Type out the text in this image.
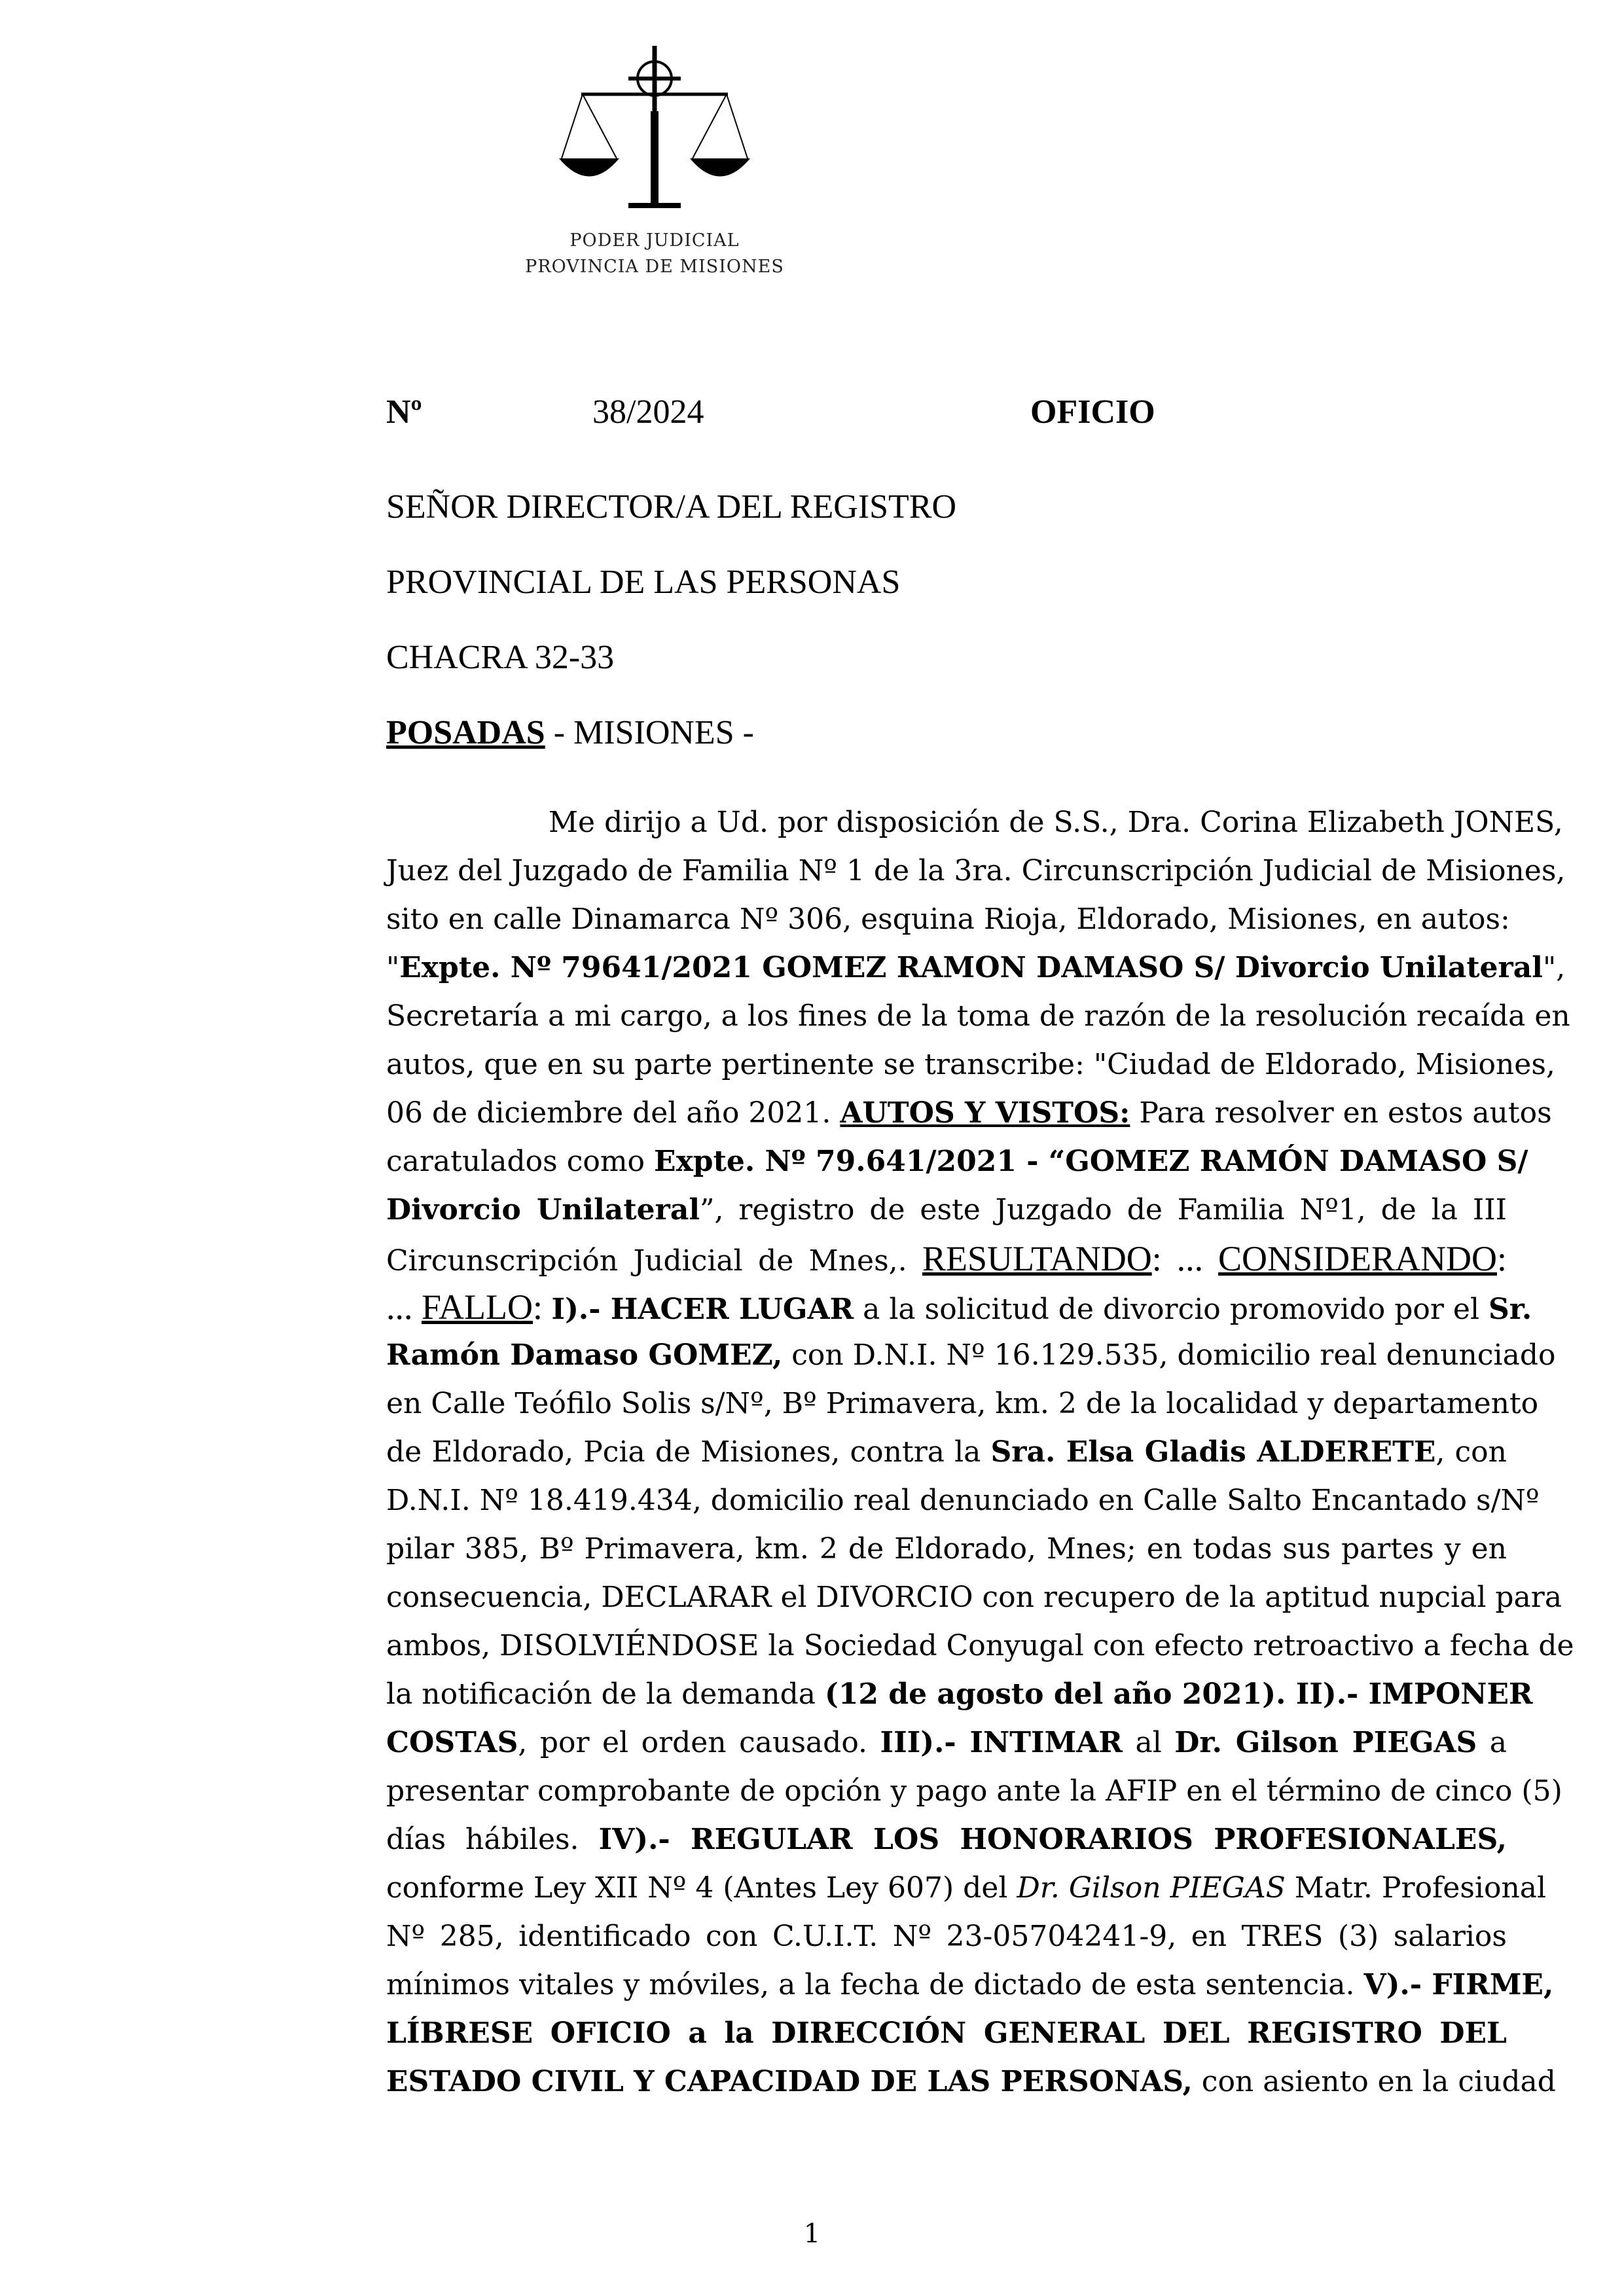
PODER JUDICIAL
PROVINCIA DE MISIONES
Nº	38/2024	OFICIO
SEÑOR DIRECTOR/A DEL REGISTRO
PROVINCIAL DE LAS PERSONAS
CHACRA 32-33
POSADAS - MISIONES -
Me dirijo a Ud. por disposición de S.S., Dra. Corina Elizabeth JONES,
Juez del Juzgado de Familia Nº 1 de la 3ra. Circunscripción Judicial de Misiones,
sito en calle Dinamarca Nº 306, esquina Rioja, Eldorado, Misiones, en autos:
"Expte. Nº 79641/2021 GOMEZ RAMON DAMASO S/ Divorcio Unilateral",
Secretaría a mi cargo, a los fines de la toma de razón de la resolución recaída en
autos, que en su parte pertinente se transcribe: "Ciudad de Eldorado, Misiones,
06 de diciembre del año 2021. AUTOS Y VISTOS: Para resolver en estos autos
caratulados como Expte. Nº 79.641/2021 - “GOMEZ RAMÓN DAMASO S/
Divorcio Unilateral”, registro de este Juzgado de Familia Nº1, de la III
Circunscripción Judicial de Mnes,. RESULTANDO: ... CONSIDERANDO:
... FALLO: I).- HACER LUGAR a la solicitud de divorcio promovido por el Sr.
Ramón Damaso GOMEZ, con D.N.I. Nº 16.129.535, domicilio real denunciado
en Calle Teófilo Solis s/Nº, Bº Primavera, km. 2 de la localidad y departamento
de Eldorado, Pcia de Misiones, contra la Sra. Elsa Gladis ALDERETE, con
D.N.I. Nº 18.419.434, domicilio real denunciado en Calle Salto Encantado s/Nº
pilar 385, Bº Primavera, km. 2 de Eldorado, Mnes; en todas sus partes y en
consecuencia, DECLARAR el DIVORCIO con recupero de la aptitud nupcial para
ambos, DISOLVIÉNDOSE la Sociedad Conyugal con efecto retroactivo a fecha de
la notificación de la demanda (12 de agosto del año 2021). II).- IMPONER
COSTAS, por el orden causado. III).- INTIMAR al Dr. Gilson PIEGAS a
presentar comprobante de opción y pago ante la AFIP en el término de cinco (5)
días hábiles. IV).- REGULAR LOS HONORARIOS PROFESIONALES,
conforme Ley XII Nº 4 (Antes Ley 607) del Dr. Gilson PIEGAS Matr. Profesional
Nº 285, identificado con C.U.I.T. Nº 23-05704241-9, en TRES (3) salarios
mínimos vitales y móviles, a la fecha de dictado de esta sentencia. V).- FIRME,
LÍBRESE OFICIO a la DIRECCIÓN GENERAL DEL REGISTRO DEL
ESTADO CIVIL Y CAPACIDAD DE LAS PERSONAS, con asiento en la ciudad
1
